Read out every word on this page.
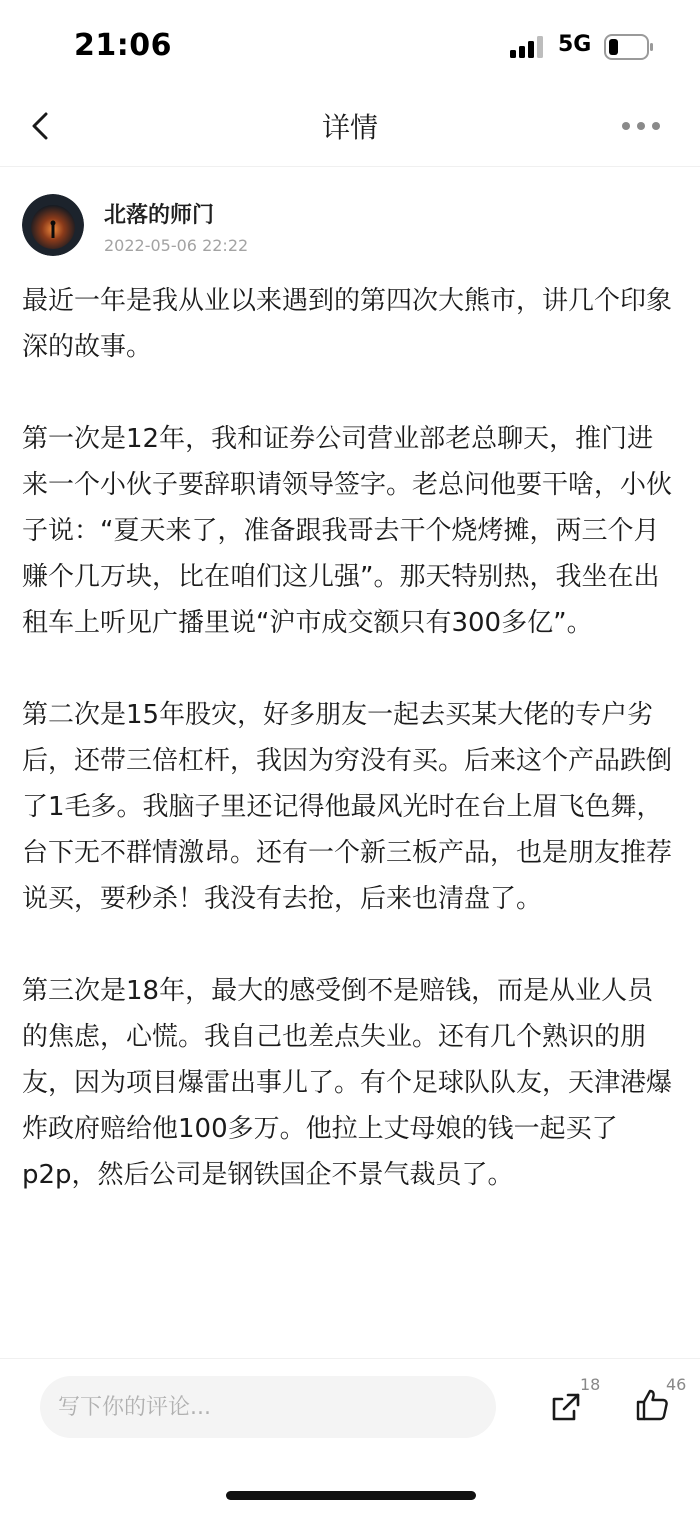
21:06	5G
详情
北落的师门
2022-05-06 22:22

最近一年是我从业以来遇到的第四次大熊市，讲几个印象深的故事。

第一次是12年，我和证券公司营业部老总聊天，推门进来一个小伙子要辞职请领导签字。老总问他要干啥，小伙子说：“夏天来了，准备跟我哥去干个烧烤摊，两三个月赚个几万块，比在咱们这儿强”。那天特别热，我坐在出租车上听见广播里说“沪市成交额只有300多亿”。

第二次是15年股灾，好多朋友一起去买某大佬的专户劣后，还带三倍杠杆，我因为穷没有买。后来这个产品跌倒了1毛多。我脑子里还记得他最风光时在台上眉飞色舞，台下无不群情激昂。还有一个新三板产品，也是朋友推荐说买，要秒杀！我没有去抢，后来也清盘了。

第三次是18年，最大的感受倒不是赔钱，而是从业人员的焦虑，心慌。我自己也差点失业。还有几个熟识的朋友，因为项目爆雷出事儿了。有个足球队队友，天津港爆炸政府赔给他100多万。他拉上丈母娘的钱一起买了p2p，然后公司是钢铁国企不景气裁员了。

写下你的评论...
18	46
